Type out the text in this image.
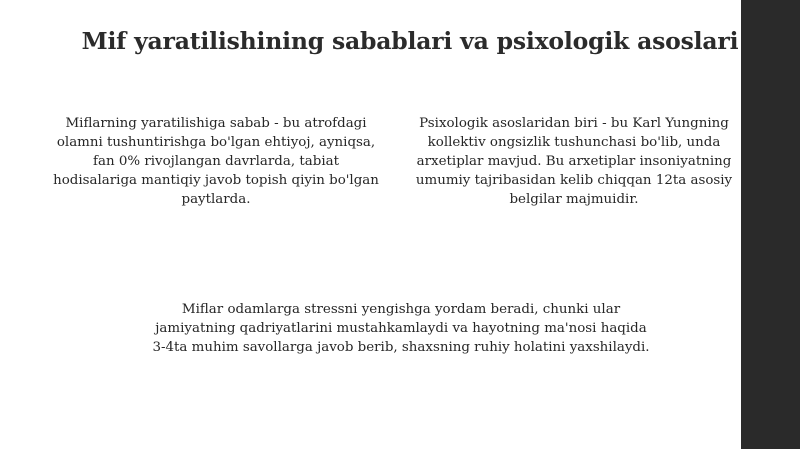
Mif yaratilishining sabablari va psixologik asoslari

Miflarning yaratilishiga sabab - bu atrofdagi olamni tushuntirishga bo'lgan ehtiyoj, ayniqsa, fan 0% rivojlangan davrlarda, tabiat hodisalariga mantiqiy javob topish qiyin bo'lgan paytlarda.

Psixologik asoslaridan biri - bu Karl Yungning kollektiv ongsizlik tushunchasi bo'lib, unda arxetiplar mavjud. Bu arxetiplar insoniyatning umumiy tajribasidan kelib chiqqan 12ta asosiy belgilar majmuidir.

Miflar odamlarga stressni yengishga yordam beradi, chunki ular jamiyatning qadriyatlarini mustahkamlaydi va hayotning ma'nosi haqida 3-4ta muhim savollarga javob berib, shaxsning ruhiy holatini yaxshilaydi.
